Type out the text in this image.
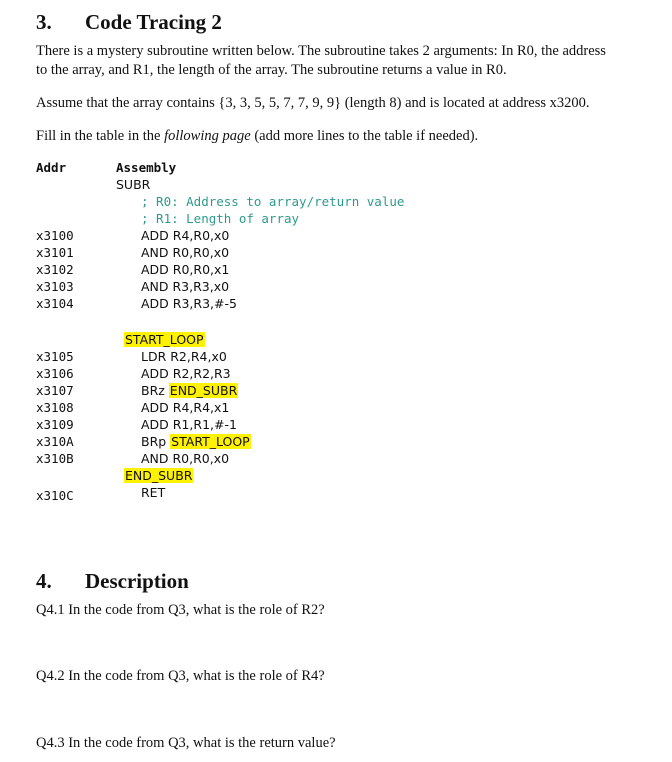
3. Code Tracing 2
There is a mystery subroutine written below. The subroutine takes 2 arguments: In R0, the address
to the array, and R1, the length of the array. The subroutine returns a value in R0.
Assume that the array contains {3, 3, 5, 5, 7, 7, 9, 9} (length 8) and is located at address x3200.
Fill in the table in the following page (add more lines to the table if needed).
Addr	Assembly
SUBR
; R0: Address to array/return value
; R1: Length of array
x3100	ADD R4,R0,x0
x3101	AND R0,R0,x0
x3102	ADD R0,R0,x1
x3103	AND R3,R3,x0
x3104	ADD R3,R3,#-5
START_LOOP
x3105	LDR R2,R4,x0
x3106	ADD R2,R2,R3
x3107	BRz END_SUBR
x3108	ADD R4,R4,x1
x3109	ADD R1,R1,#-1
x310A	BRp START_LOOP
x310B	AND R0,R0,x0
END_SUBR
x310C	RET
4. Description
Q4.1 In the code from Q3, what is the role of R2?
Q4.2 In the code from Q3, what is the role of R4?
Q4.3 In the code from Q3, what is the return value?
